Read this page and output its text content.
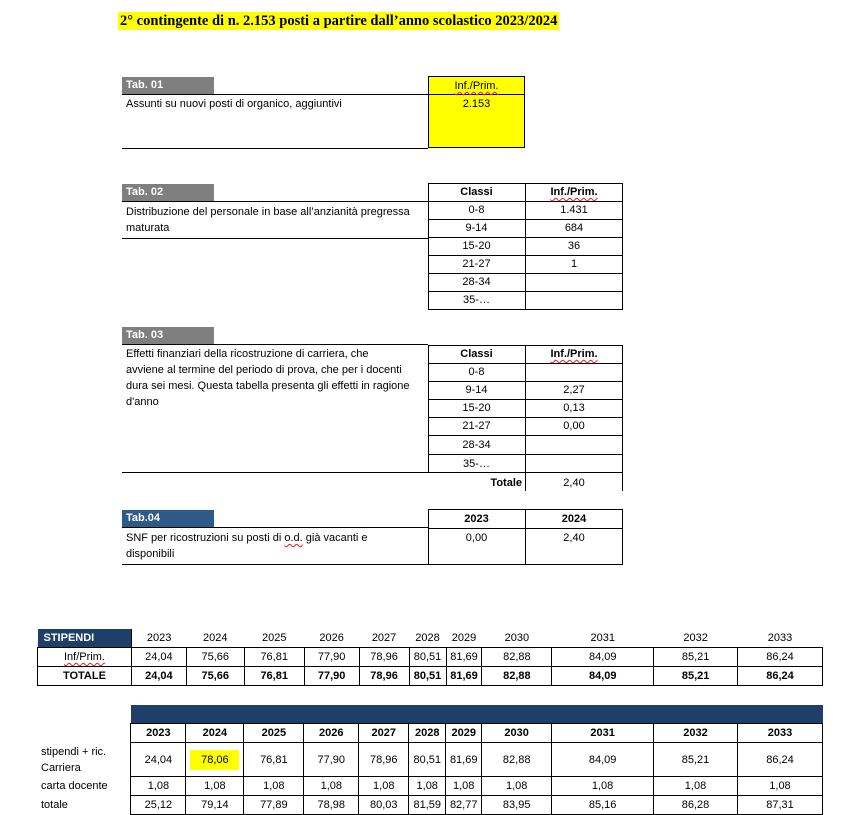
2° contingente di n. 2.153 posti a partire dall’anno scolastico 2023/2024
Tab. 01
Assunti su nuovi posti di organico, aggiuntivi
Inf./Prim.
2.153
Tab. 02
Distribuzione del personale in base all’anzianità pregressa
maturata
Classi	Inf./Prim.
0-8	1.431
9-14	684
15-20	36
21-27	1
28-34
35-…
Tab. 03
Effetti finanziari della ricostruzione di carriera, che
avviene al termine del periodo di prova, che per i docenti
dura sei mesi. Questa tabella presenta gli effetti in ragione
d'anno
Classi	Inf./Prim.
0-8
9-14	2,27
15-20	0,13
21-27	0,00
28-34
35-…
Totale	2,40
Tab.04
SNF per ricostruzioni su posti di o.d. già vacanti e
disponibili
2023	2024
0,00	2,40
STIPENDI	2023	2024	2025	2026	2027	2028	2029	2030	2031	2032	2033
Inf/Prim.	24,04	75,66	76,81	77,90	78,96	80,51	81,69	82,88	84,09	85,21	86,24
TOTALE	24,04	75,66	76,81	77,90	78,96	80,51	81,69	82,88	84,09	85,21	86,24
	2023	2024	2025	2026	2027	2028	2029	2030	2031	2032	2033

stipendi + ric.
Carriera	24,04	78,06	76,81	77,90	78,96	80,51	81,69	82,88	84,09	85,21	86,24
carta docente	1,08	1,08	1,08	1,08	1,08	1,08	1,08	1,08	1,08	1,08	1,08
totale	25,12	79,14	77,89	78,98	80,03	81,59	82,77	83,95	85,16	86,28	87,31
